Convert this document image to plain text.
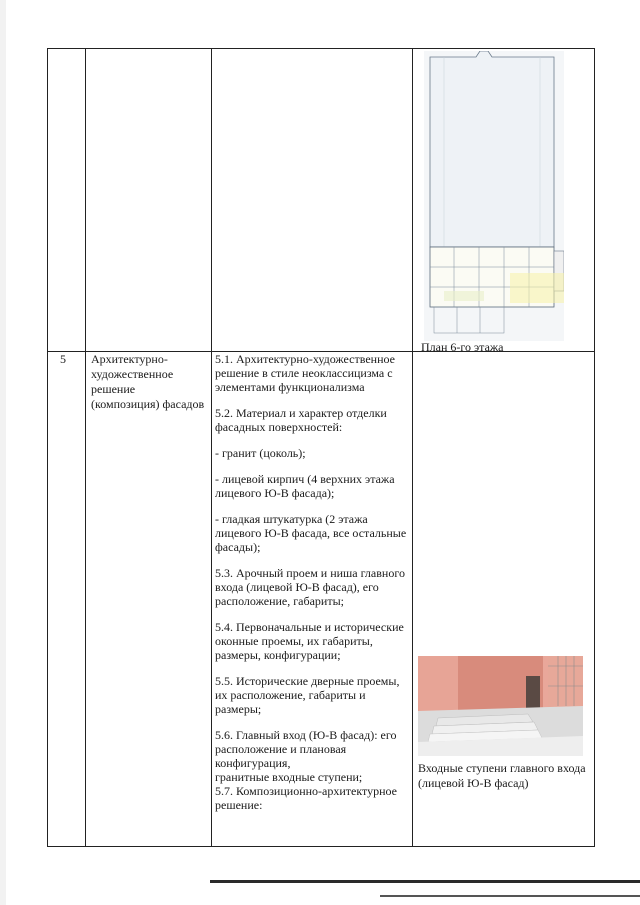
План 6-го этажа
5 Архитектурно-художественное решение (композиция) фасадов

5.1. Архитектурно-художественное решение в стиле неоклассицизма с элементами функционализма

5.2. Материал и характер отделки фасадных поверхностей:

- гранит (цоколь);

- лицевой кирпич (4 верхних этажа лицевого Ю-В фасада);

- гладкая штукатурка (2 этажа лицевого Ю-В фасада, все остальные фасады);

5.3. Арочный проем и ниша главного входа (лицевой Ю-В фасад), его расположение, габариты;

5.4. Первоначальные и исторические оконные проемы, их габариты, размеры, конфигурации;

5.5. Исторические дверные проемы, их расположение, габариты и размеры;

5.6. Главный вход (Ю-В фасад): его расположение и плановая конфигурация,

гранитные входные ступени;

5.7. Композиционно-архитектурное решение:

Входные ступени главного входа (лицевой Ю-В фасад)
